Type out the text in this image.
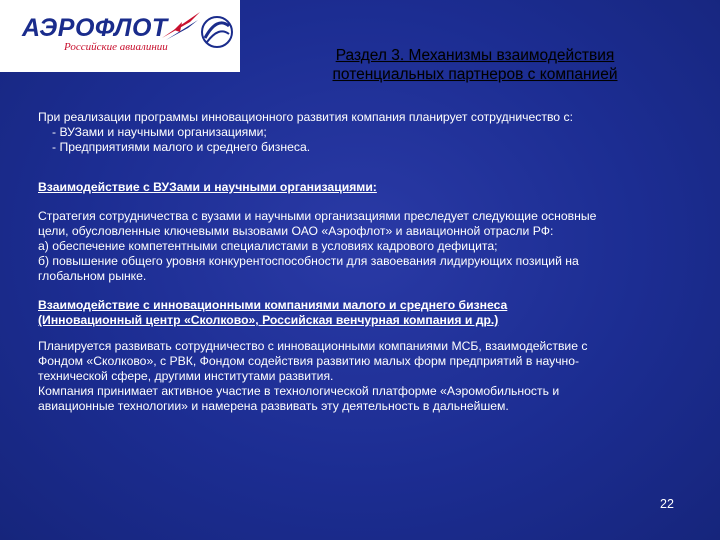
АЭРОФЛОТ
Российские авиалинии	Раздел 3. Механизмы взаимодействия
потенциальных партнеров с компанией

При реализации программы инновационного развития компания планирует сотрудничество с:

- ВУЗами и научными организациями;

- Предприятиями малого и среднего бизнеса.

Взаимодействие с ВУЗами и научными организациями:

Стратегия сотрудничества с вузами и научными организациями преследует следующие основные

цели, обусловленные ключевыми вызовами ОАО «Аэрофлот» и авиационной отрасли РФ:

а) обеспечение компетентными специалистами в условиях кадрового дефицита;

б) повышение общего уровня конкурентоспособности для завоевания лидирующих позиций на

глобальном рынке.

Взаимодействие с инновационными компаниями малого и среднего бизнеса

(Инновационный центр «Сколково», Российская венчурная компания и др.)

Планируется развивать сотрудничество с инновационными компаниями МСБ, взаимодействие с

Фондом «Сколково», с РВК, Фондом содействия развитию малых форм предприятий в научно-

технической сфере, другими институтами развития.

Компания принимает активное участие в технологической платформе «Аэромобильность и

авиационные технологии» и намерена развивать эту деятельность в дальнейшем.

22
